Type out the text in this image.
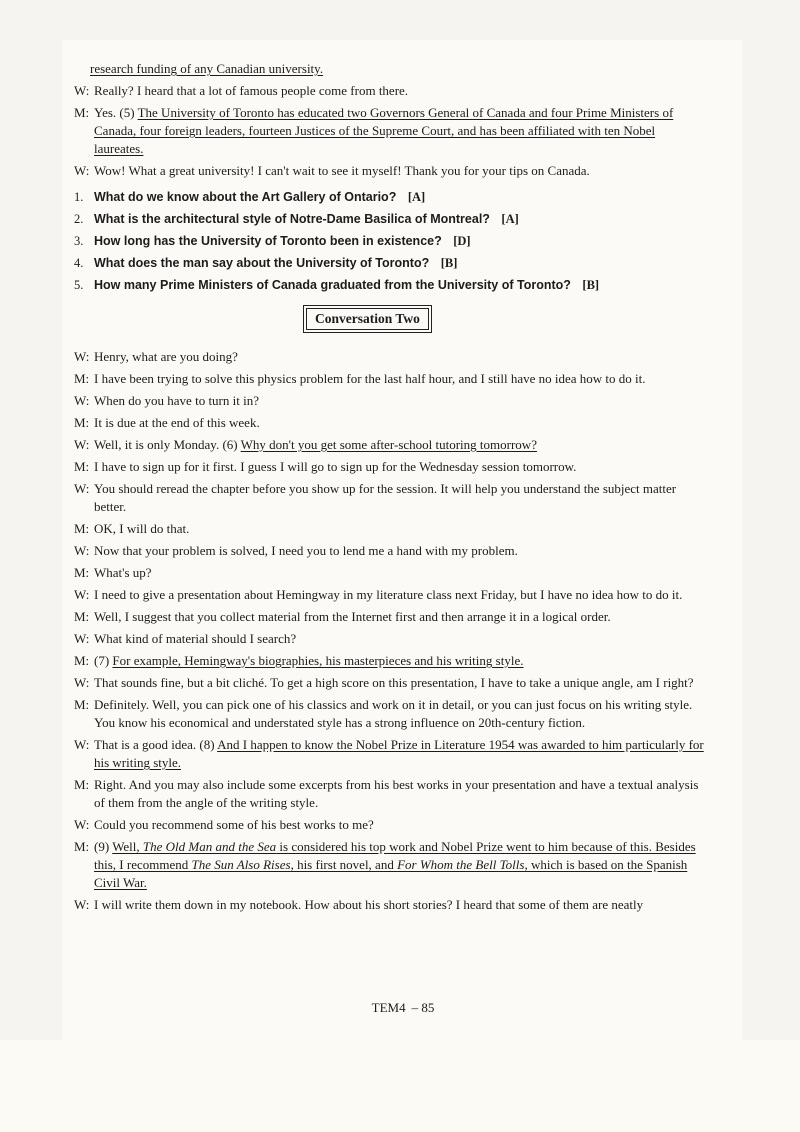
research funding of any Canadian university.
W: Really? I heard that a lot of famous people come from there.
M: Yes. (5) The University of Toronto has educated two Governors General of Canada and four Prime Ministers of Canada, four foreign leaders, fourteen Justices of the Supreme Court, and has been affiliated with ten Nobel laureates.
W: Wow! What a great university! I can't wait to see it myself! Thank you for your tips on Canada.
1. What do we know about the Art Gallery of Ontario? [A]
2. What is the architectural style of Notre-Dame Basilica of Montreal? [A]
3. How long has the University of Toronto been in existence? [D]
4. What does the man say about the University of Toronto? [B]
5. How many Prime Ministers of Canada graduated from the University of Toronto? [B]
Conversation Two
W: Henry, what are you doing?
M: I have been trying to solve this physics problem for the last half hour, and I still have no idea how to do it.
W: When do you have to turn it in?
M: It is due at the end of this week.
W: Well, it is only Monday. (6) Why don't you get some after-school tutoring tomorrow?
M: I have to sign up for it first. I guess I will go to sign up for the Wednesday session tomorrow.
W: You should reread the chapter before you show up for the session. It will help you understand the subject matter better.
M: OK, I will do that.
W: Now that your problem is solved, I need you to lend me a hand with my problem.
M: What's up?
W: I need to give a presentation about Hemingway in my literature class next Friday, but I have no idea how to do it.
M: Well, I suggest that you collect material from the Internet first and then arrange it in a logical order.
W: What kind of material should I search?
M: (7) For example, Hemingway's biographies, his masterpieces and his writing style.
W: That sounds fine, but a bit cliché. To get a high score on this presentation, I have to take a unique angle, am I right?
M: Definitely. Well, you can pick one of his classics and work on it in detail, or you can just focus on his writing style. You know his economical and understated style has a strong influence on 20th-century fiction.
W: That is a good idea. (8) And I happen to know the Nobel Prize in Literature 1954 was awarded to him particularly for his writing style.
M: Right. And you may also include some excerpts from his best works in your presentation and have a textual analysis of them from the angle of the writing style.
W: Could you recommend some of his best works to me?
M: (9) Well, The Old Man and the Sea is considered his top work and Nobel Prize went to him because of this. Besides this, I recommend The Sun Also Rises, his first novel, and For Whom the Bell Tolls, which is based on the Spanish Civil War.
W: I will write them down in my notebook. How about his short stories? I heard that some of them are neatly
TEM4 – 85
